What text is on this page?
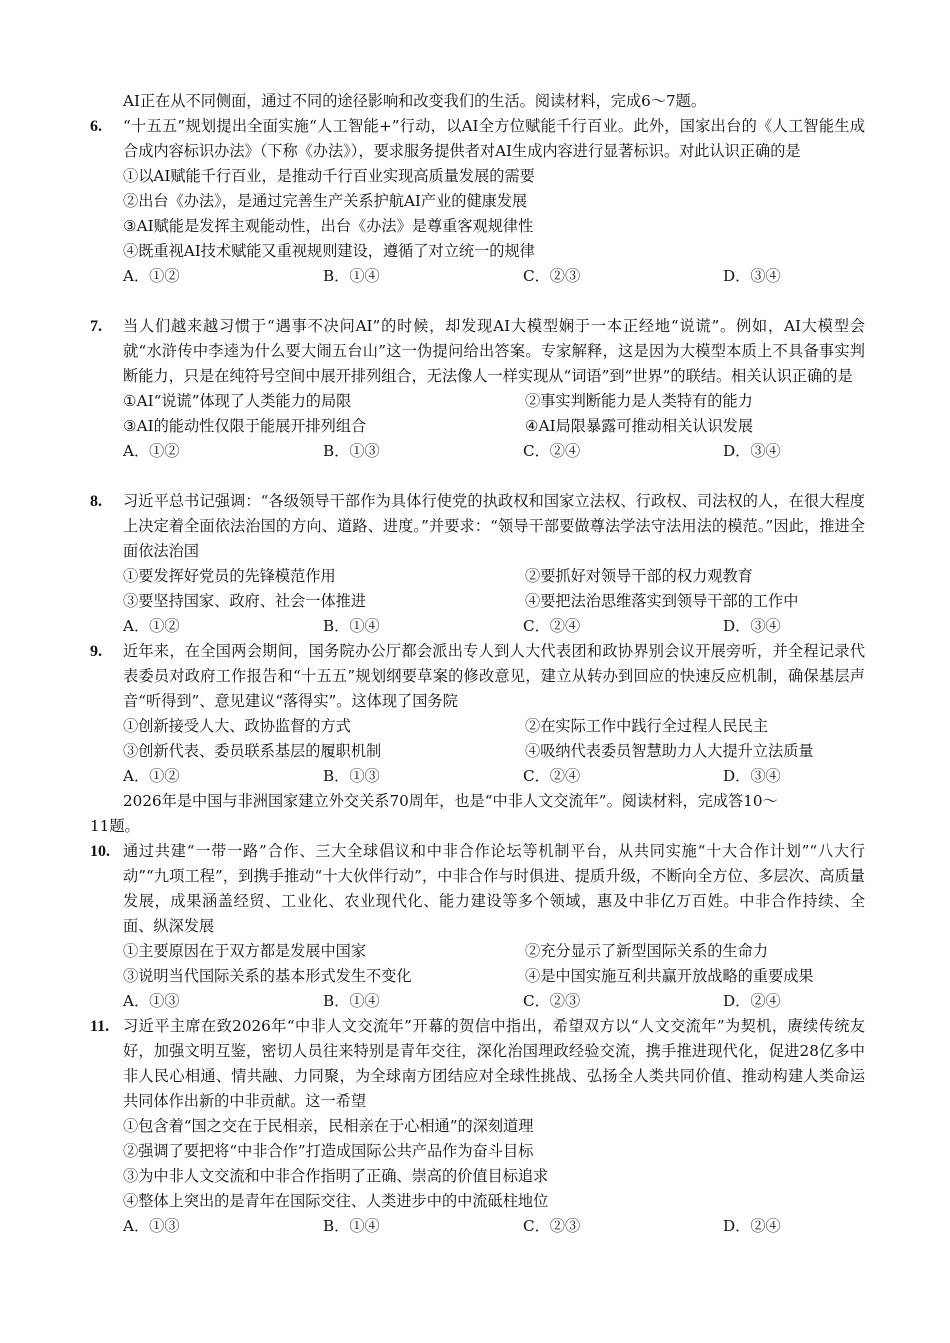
AI正在从不同侧面，通过不同的途径影响和改变我们的生活。阅读材料，完成6～7题。
6. “十五五”规划提出全面实施“人工智能+”行动，以AI全方位赋能千行百业。此外，国家出台的《人工智能生成合成内容标识办法》（下称《办法》），要求服务提供者对AI生成内容进行显著标识。对此认识正确的是
①以AI赋能千行百业，是推动千行百业实现高质量发展的需要
②出台《办法》，是通过完善生产关系护航AI产业的健康发展
③AI赋能是发挥主观能动性，出台《办法》是尊重客观规律性
④既重视AI技术赋能又重视规则建设，遵循了对立统一的规律
A．①②	B．①④	C．②③	D．③④
7. 当人们越来越习惯于“遇事不决问AI”的时候，却发现AI大模型娴于一本正经地“说谎”。例如，AI大模型会就“水浒传中李逵为什么要大闹五台山”这一伪提问给出答案。专家解释，这是因为大模型本质上不具备事实判断能力，只是在纯符号空间中展开排列组合，无法像人一样实现从“词语”到“世界”的联结。相关认识正确的是
①AI“说谎”体现了人类能力的局限	②事实判断能力是人类特有的能力
③AI的能动性仅限于能展开排列组合	④AI局限暴露可推动相关认识发展
A．①②	B．①③	C．②④	D．③④
8. 习近平总书记强调：“各级领导干部作为具体行使党的执政权和国家立法权、行政权、司法权的人，在很大程度上决定着全面依法治国的方向、道路、进度。”并要求：“领导干部要做尊法学法守法用法的模范。”因此，推进全面依法治国
①要发挥好党员的先锋模范作用	②要抓好对领导干部的权力观教育
③要坚持国家、政府、社会一体推进	④要把法治思维落实到领导干部的工作中
A．①②	B．①④	C．②④	D．③④
9. 近年来，在全国两会期间，国务院办公厅都会派出专人到人大代表团和政协界别会议开展旁听，并全程记录代表委员对政府工作报告和“十五五”规划纲要草案的修改意见，建立从转办到回应的快速反应机制，确保基层声音“听得到”、意见建议“落得实”。这体现了国务院
①创新接受人大、政协监督的方式	②在实际工作中践行全过程人民民主
③创新代表、委员联系基层的履职机制	④吸纳代表委员智慧助力人大提升立法质量
A．①②	B．①③	C．②④	D．③④
2026年是中国与非洲国家建立外交关系70周年，也是“中非人文交流年”。阅读材料，完成答10～
11题。
10. 通过共建“一带一路”合作、三大全球倡议和中非合作论坛等机制平台，从共同实施“十大合作计划”“八大行动”“九项工程”，到携手推动“十大伙伴行动”，中非合作与时俱进、提质升级，不断向全方位、多层次、高质量发展，成果涵盖经贸、工业化、农业现代化、能力建设等多个领域，惠及中非亿万百姓。中非合作持续、全面、纵深发展
①主要原因在于双方都是发展中国家	②充分显示了新型国际关系的生命力
③说明当代国际关系的基本形式发生不变化	④是中国实施互利共赢开放战略的重要成果
A．①③	B．①④	C．②③	D．②④
11. 习近平主席在致2026年“中非人文交流年”开幕的贺信中指出，希望双方以“人文交流年”为契机，赓续传统友好，加强文明互鉴，密切人员往来特别是青年交往，深化治国理政经验交流，携手推进现代化，促进28亿多中非人民心相通、情共融、力同聚，为全球南方团结应对全球性挑战、弘扬全人类共同价值、推动构建人类命运共同体作出新的中非贡献。这一希望
①包含着“国之交在于民相亲，民相亲在于心相通”的深刻道理
②强调了要把将“中非合作”打造成国际公共产品作为奋斗目标
③为中非人文交流和中非合作指明了正确、崇高的价值目标追求
④整体上突出的是青年在国际交往、人类进步中的中流砥柱地位
A．①③	B．①④	C．②③	D．②④
